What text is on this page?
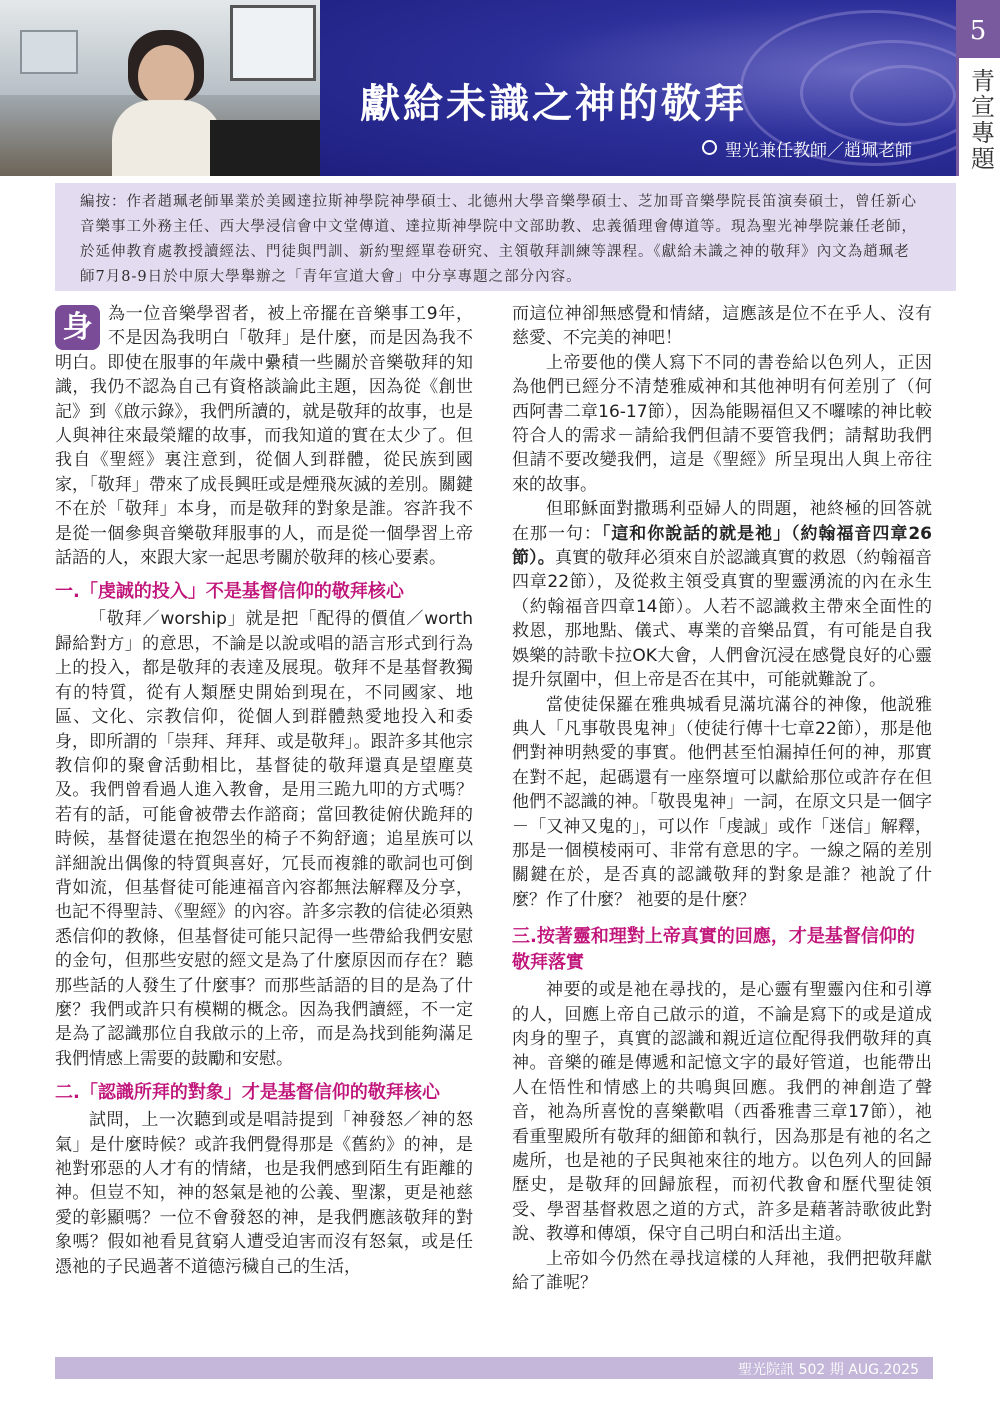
獻給未識之神的敬拜
聖光兼任教師／趙珮老師
5
青宣專題

編按：作者趙珮老師畢業於美國達拉斯神學院神學碩士、北德州大學音樂學碩士、芝加哥音樂學院長笛演奏碩士，曾任新心音樂事工外務主任、西大學浸信會中文堂傳道、達拉斯神學院中文部助教、忠義循理會傳道等。現為聖光神學院兼任老師，於延伸教育處教授讀經法、門徒與門訓、新約聖經單卷研究、主領敬拜訓練等課程。《獻給未識之神的敬拜》內文為趙珮老師7月8-9日於中原大學舉辦之「青年宣道大會」中分享專題之部分內容。

身 為一位音樂學習者，被上帝擺在音樂事工9年，不是因為我明白「敬拜」是什麼，而是因為我不明白。即使在服事的年歲中纍積一些關於音樂敬拜的知識，我仍不認為自己有資格談論此主題，因為從《創世記》到《啟示錄》，我們所讀的，就是敬拜的故事，也是人與神往來最榮耀的故事，而我知道的實在太少了。但我自《聖經》裏注意到，從個人到群體，從民族到國家，「敬拜」帶來了成長興旺或是煙飛灰滅的差別。關鍵不在於「敬拜」本身，而是敬拜的對象是誰。容許我不是從一個參與音樂敬拜服事的人，而是從一個學習上帝話語的人，來跟大家一起思考關於敬拜的核心要素。

一.「虔誠的投入」不是基督信仰的敬拜核心

「敬拜／worship」就是把「配得的價值／worth歸給對方」的意思，不論是以說或唱的語言形式到行為上的投入，都是敬拜的表達及展現。敬拜不是基督教獨有的特質，從有人類歷史開始到現在，不同國家、地區、文化、宗教信仰，從個人到群體熱愛地投入和委身，即所謂的「崇拜、拜拜、或是敬拜」。跟許多其他宗教信仰的聚會活動相比，基督徒的敬拜還真是望塵莫及。我們曾看過人進入教會，是用三跪九叩的方式嗎？若有的話，可能會被帶去作諮商；當回教徒俯伏跪拜的時候，基督徒還在抱怨坐的椅子不夠舒適；追星族可以詳細說出偶像的特質與喜好，冗長而複雜的歌詞也可倒背如流，但基督徒可能連福音內容都無法解釋及分享，也記不得聖詩、《聖經》的內容。許多宗教的信徒必須熟悉信仰的教條，但基督徒可能只記得一些帶給我們安慰的金句，但那些安慰的經文是為了什麼原因而存在？聽那些話的人發生了什麼事？而那些話語的目的是為了什麼？我們或許只有模糊的概念。因為我們讀經，不一定是為了認識那位自我啟示的上帝，而是為找到能夠滿足我們情感上需要的鼓勵和安慰。

二.「認識所拜的對象」才是基督信仰的敬拜核心

試問，上一次聽到或是唱詩提到「神發怒／神的怒氣」是什麼時候？或許我們覺得那是《舊約》的神，是祂對邪惡的人才有的情緒，也是我們感到陌生有距離的神。但豈不知，神的怒氣是祂的公義、聖潔，更是祂慈愛的彰顯嗎？一位不會發怒的神，是我們應該敬拜的對象嗎？假如祂看見貧窮人遭受迫害而沒有怒氣，或是任憑祂的子民過著不道德污穢自己的生活，

而這位神卻無感覺和情緒，這應該是位不在乎人、沒有慈愛、不完美的神吧！

上帝要他的僕人寫下不同的書卷給以色列人，正因為他們已經分不清楚雅威神和其他神明有何差別了（何西阿書二章16-17節），因為能賜福但又不囉嗦的神比較符合人的需求－請給我們但請不要管我們；請幫助我們但請不要改變我們，這是《聖經》所呈現出人與上帝往來的故事。

但耶穌面對撒瑪利亞婦人的問題，祂終極的回答就在那一句：「這和你說話的就是祂」（約翰福音四章26節）。真實的敬拜必須來自於認識真實的救恩（約翰福音四章22節），及從救主領受真實的聖靈湧流的內在永生（約翰福音四章14節）。人若不認識救主帶來全面性的救恩，那地點、儀式、專業的音樂品質，有可能是自我娛樂的詩歌卡拉OK大會，人們會沉浸在感覺良好的心靈提升氛圍中，但上帝是否在其中，可能就難說了。

當使徒保羅在雅典城看見滿坑滿谷的神像，他説雅典人「凡事敬畏鬼神」（使徒行傳十七章22節），那是他們對神明熱愛的事實。他們甚至怕漏掉任何的神，那實在對不起，起碼還有一座祭壇可以獻給那位或許存在但他們不認識的神。「敬畏鬼神」一詞，在原文只是一個字－「又神又鬼的」，可以作「虔誠」或作「迷信」解釋，那是一個模棱兩可、非常有意思的字。一線之隔的差別關鍵在於，是否真的認識敬拜的對象是誰？祂說了什麼？作了什麼？ 祂要的是什麼？

三.按著靈和理對上帝真實的回應，才是基督信仰的敬拜落實

神要的或是祂在尋找的，是心靈有聖靈內住和引導的人，回應上帝自己啟示的道，不論是寫下的或是道成肉身的聖子，真實的認識和親近這位配得我們敬拜的真神。音樂的確是傳遞和記憶文字的最好管道，也能帶出人在悟性和情感上的共鳴與回應。我們的神創造了聲音，祂為所喜悅的喜樂歡唱（西番雅書三章17節），祂看重聖殿所有敬拜的細節和執行，因為那是有祂的名之處所，也是祂的子民與祂來往的地方。以色列人的回歸歷史，是敬拜的回歸旅程，而初代教會和歷代聖徒領受、學習基督救恩之道的方式，許多是藉著詩歌彼此對說、教導和傳頌，保守自己明白和活出主道。

上帝如今仍然在尋找這樣的人拜祂，我們把敬拜獻給了誰呢？

聖光院訊 502 期 AUG.2025
